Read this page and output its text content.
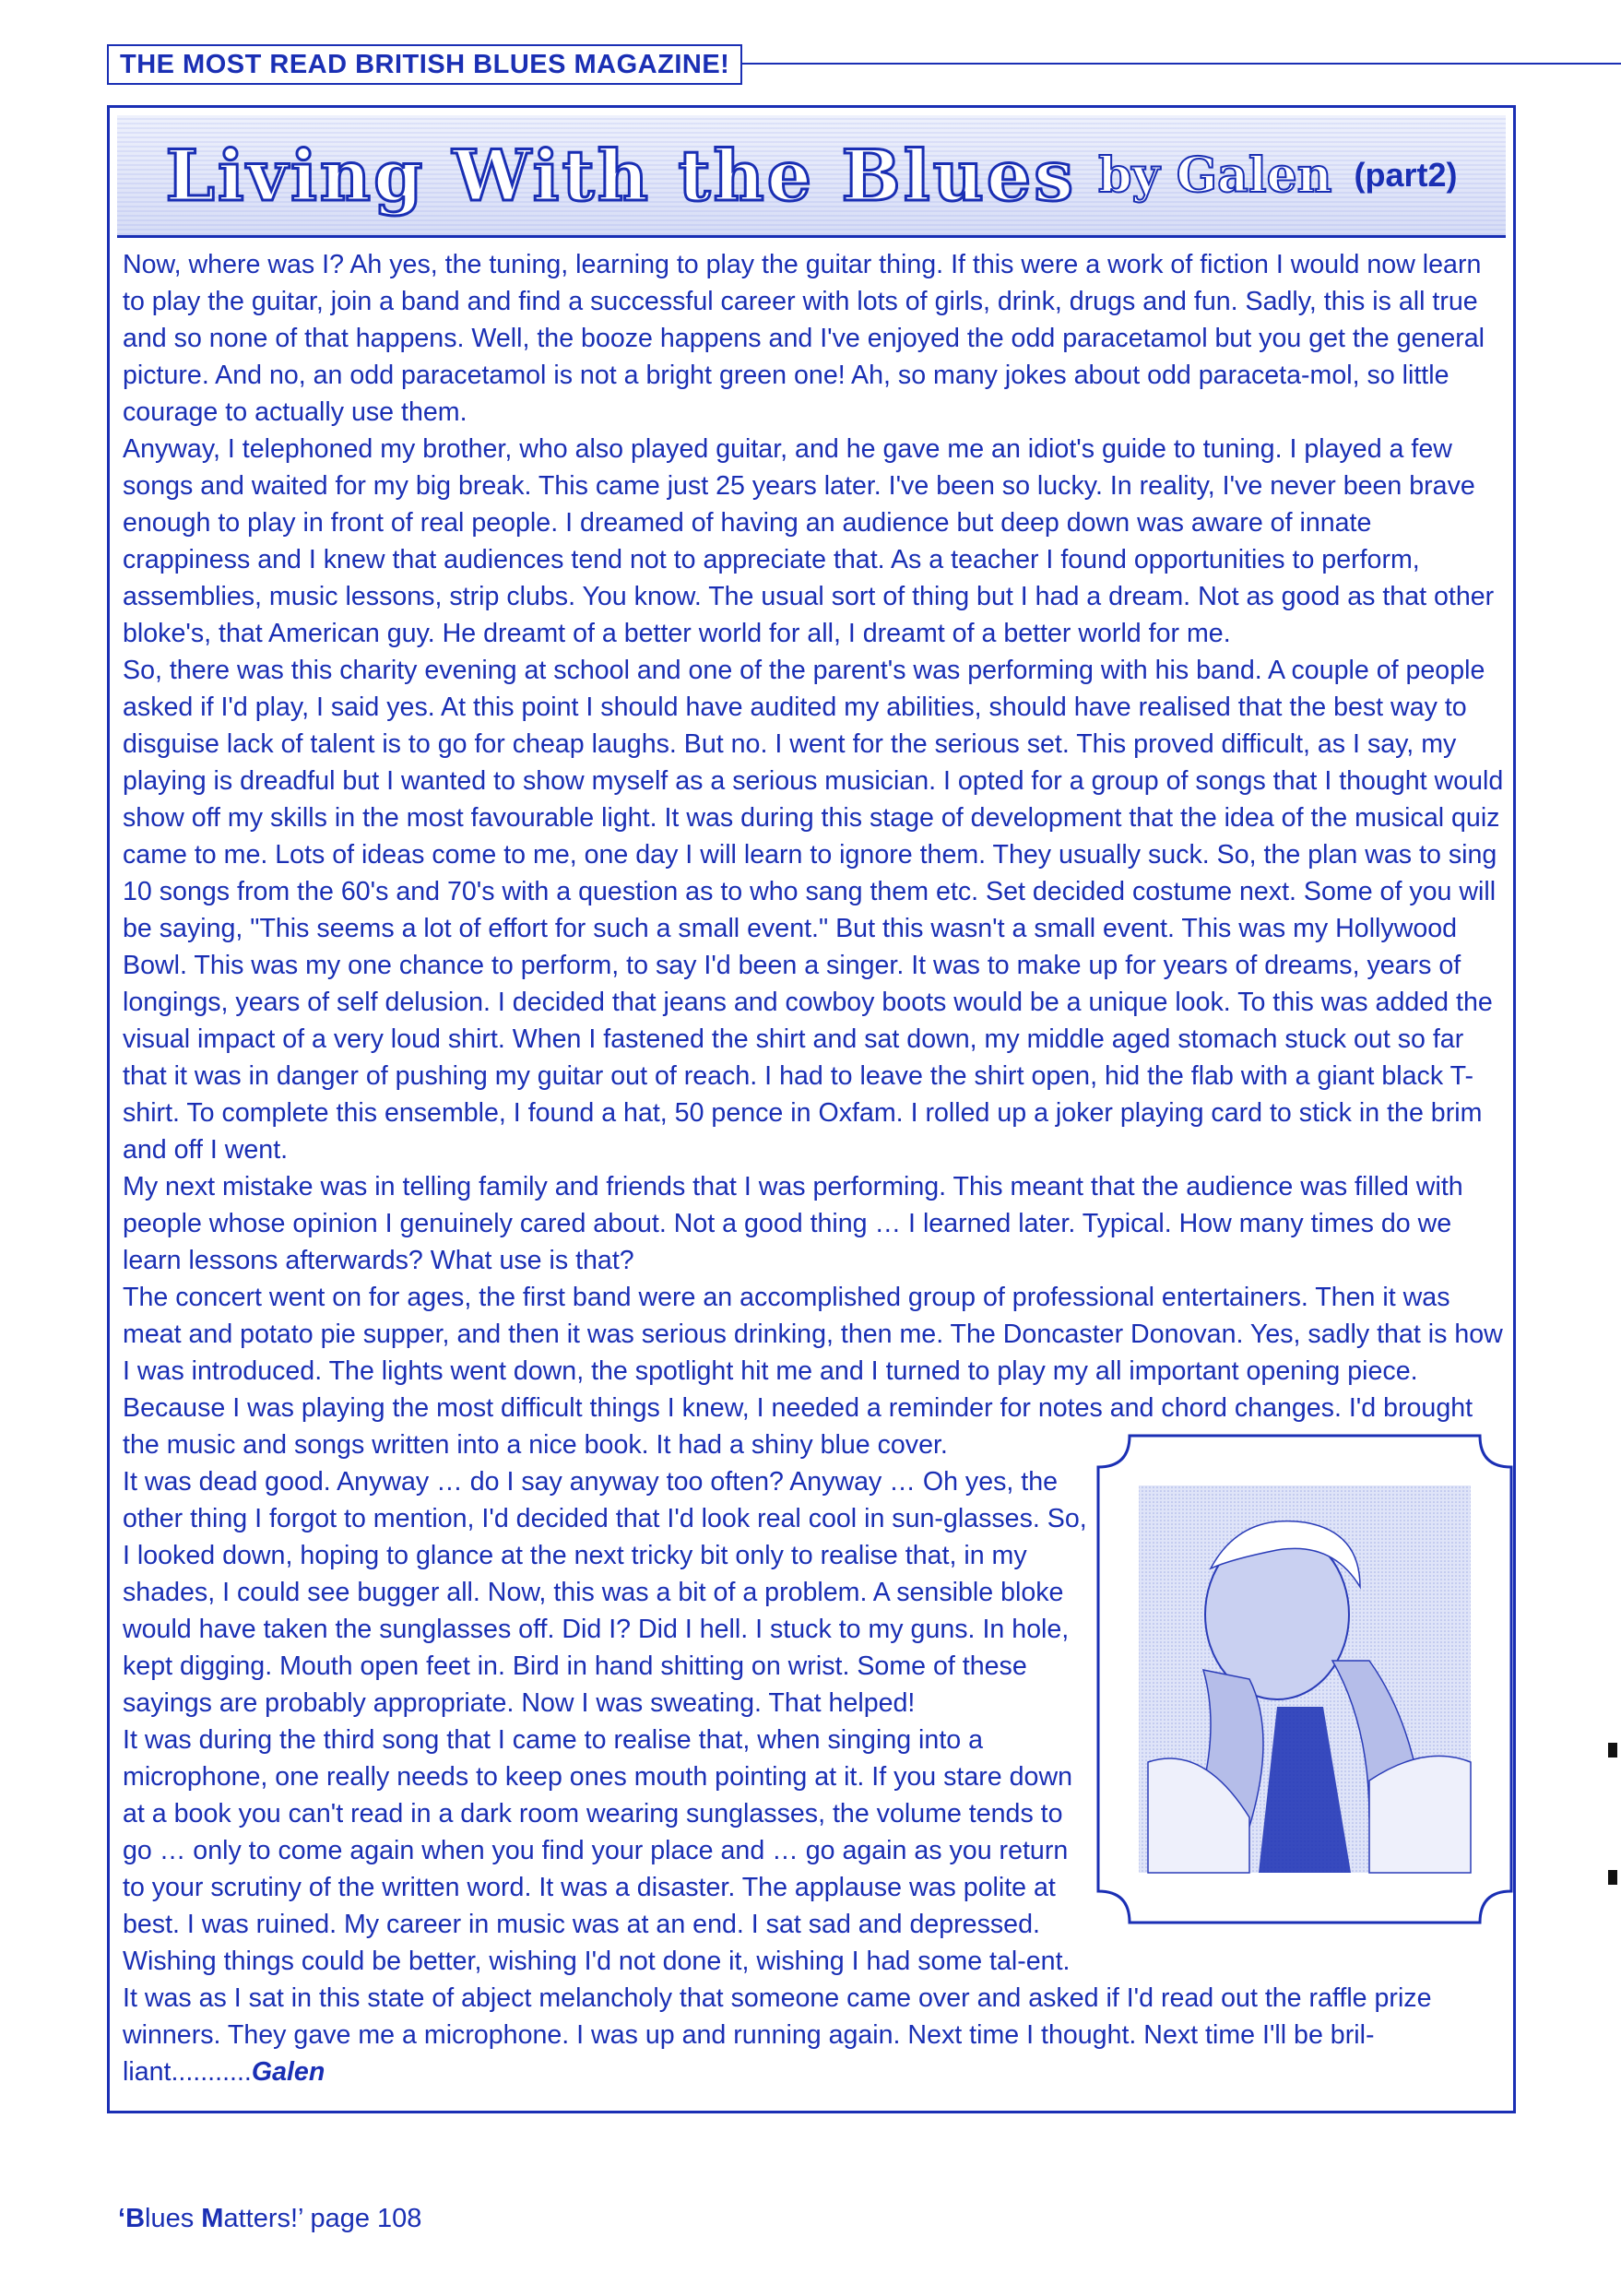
THE MOST READ BRITISH BLUES MAGAZINE!
Living With the Blues by Galen (part2)

Now, where was I? Ah yes, the tuning, learning to play the guitar thing. If this were a work of fiction I would now learn to play the guitar, join a band and find a successful career with lots of girls, drink, drugs and fun. Sadly, this is all true and so none of that happens. Well, the booze happens and I've enjoyed the odd paracetamol but you get the general picture. And no, an odd paracetamol is not a bright green one! Ah, so many jokes about odd paraceta-mol, so little courage to actually use them.

Anyway, I telephoned my brother, who also played guitar, and he gave me an idiot's guide to tuning. I played a few songs and waited for my big break. This came just 25 years later. I've been so lucky. In reality, I've never been brave enough to play in front of real people. I dreamed of having an audience but deep down was aware of innate crappiness and I knew that audiences tend not to appreciate that. As a teacher I found opportunities to perform, assemblies, music lessons, strip clubs. You know. The usual sort of thing but I had a dream. Not as good as that other bloke's, that American guy. He dreamt of a better world for all, I dreamt of a better world for me.

So, there was this charity evening at school and one of the parent's was performing with his band. A couple of people asked if I'd play, I said yes. At this point I should have audited my abilities, should have realised that the best way to disguise lack of talent is to go for cheap laughs. But no. I went for the serious set. This proved difficult, as I say, my playing is dreadful but I wanted to show myself as a serious musician. I opted for a group of songs that I thought would show off my skills in the most favourable light. It was during this stage of development that the idea of the musical quiz came to me. Lots of ideas come to me, one day I will learn to ignore them. They usually suck. So, the plan was to sing 10 songs from the 60's and 70's with a question as to who sang them etc. Set decided costume next. Some of you will be saying, "This seems a lot of effort for such a small event." But this wasn't a small event. This was my Hollywood Bowl. This was my one chance to perform, to say I'd been a singer. It was to make up for years of dreams, years of longings, years of self delusion. I decided that jeans and cowboy boots would be a unique look. To this was added the visual impact of a very loud shirt. When I fastened the shirt and sat down, my middle aged stomach stuck out so far that it was in danger of pushing my guitar out of reach. I had to leave the shirt open, hid the flab with a giant black T-shirt. To complete this ensemble, I found a hat, 50 pence in Oxfam. I rolled up a joker playing card to stick in the brim and off I went.

My next mistake was in telling family and friends that I was performing. This meant that the audience was filled with people whose opinion I genuinely cared about. Not a good thing … I learned later. Typical. How many times do we learn lessons afterwards? What use is that?

The concert went on for ages, the first band were an accomplished group of professional entertainers. Then it was meat and potato pie supper, and then it was serious drinking, then me. The Doncaster Donovan. Yes, sadly that is how I was introduced. The lights went down, the spotlight hit me and I turned to play my all important opening piece. Because I was playing the most difficult things I knew, I needed a reminder for notes and chord changes. I'd brought the music and songs written into a nice book. It had a shiny blue cover.

It was dead good. Anyway … do I say anyway too often? Anyway … Oh yes, the other thing I forgot to mention, I'd decided that I'd look real cool in sun-glasses. So, I looked down, hoping to glance at the next tricky bit only to realise that, in my shades, I could see bugger all. Now, this was a bit of a problem. A sensible bloke would have taken the sunglasses off. Did I? Did I hell. I stuck to my guns. In hole, kept digging. Mouth open feet in. Bird in hand shitting on wrist. Some of these sayings are probably appropriate. Now I was sweating. That helped!

It was during the third song that I came to realise that, when singing into a microphone, one really needs to keep ones mouth pointing at it. If you stare down at a book you can't read in a dark room wearing sunglasses, the volume tends to go … only to come again when you find your place and … go again as you return to your scrutiny of the written word. It was a disaster. The applause was polite at best. I was ruined. My career in music was at an end. I sat sad and depressed. Wishing things could be better, wishing I'd not done it, wishing I had some tal-ent. It was as I sat in this state of abject melancholy that someone came over and asked if I'd read out the raffle prize winners. They gave me a microphone. I was up and running again. Next time I thought. Next time I'll be bril-liant...........Galen

‘Blues Matters!’ page 108
